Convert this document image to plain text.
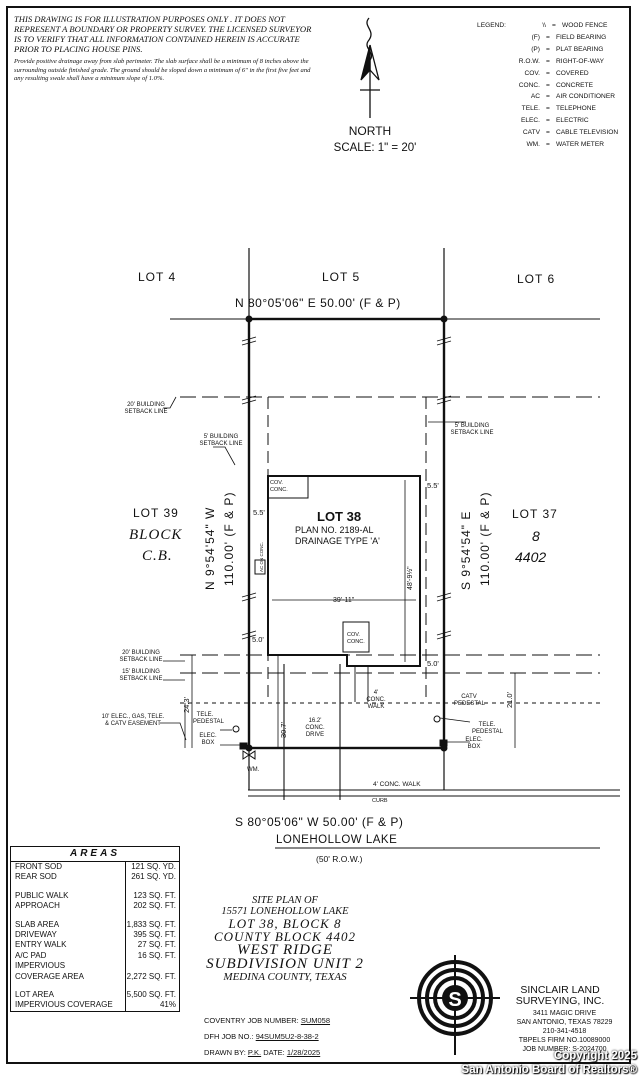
THIS DRAWING IS FOR ILLUSTRATION PURPOSES ONLY . IT DOES NOT REPRESENT A BOUNDARY OR PROPERTY SURVEY. THE LICENSED SURVEYOR IS TO VERIFY THAT ALL INFORMATION CONTAINED HEREIN IS ACCURATE PRIOR TO PLACING HOUSE PINS.
Provide positive drainage away from slab perimeter. The slab surface shall be a minimum of 8 inches above the surrounding outside finished grade. The ground should be sloped down a minimum of 6" in the first five feet and any resulting swale shall have a minimum slope of 1.0%.
LEGEND:	\\ = WOOD FENCE
(F) = FIELD BEARING
(P) = PLAT BEARING
R.O.W. = RIGHT-OF-WAY
COV. = COVERED
CONC. = CONCRETE
AC = AIR CONDITIONER
TELE. = TELEPHONE
ELEC. = ELECTRIC
CATV = CABLE TELEVISION
WM. = WATER METER
LOT 4	LOT 5	LOT 6
N 80°05'06" E 50.00' (F & P)
S 80°05'06" W 50.00' (F & P)
LONEHOLLOW LAKE
(50' R.O.W.)
4' CONC. WALK
CURB
N 9°54'54" W 110.00' (F & P)	S 9°54'54" E 110.00' (F & P)
LOT 39
BLOCK
C.B.
LOT 37
8
4402
LOT 38
PLAN NO. 2189-AL
DRAINAGE TYPE 'A'
39'-11"
48'-9½"
AC ON CONC.
5.5'
5.5'
5.0'
5.0'
24.3'
30.7'
21.0'
WM.
COV.
CONC.
COV.
CONC.
20' BUILDING
SETBACK LINE
5' BUILDING
SETBACK LINE
5' BUILDING
SETBACK LINE
20' BUILDING
SETBACK LINE
15' BUILDING
SETBACK LINE
10' ELEC., GAS, TELE.
& CATV EASEMENT	16.2'
CONC.
DRIVE
4'
CONC.
WALK
TELE.
PEDESTAL
ELEC.
BOX
CATV
PEDESTAL
TELE.
PEDESTAL
ELEC.
BOX
NORTH
SCALE: 1" = 20'
AREAS
FRONT SOD	121 SQ. YD.
REAR SOD	261 SQ. YD.
PUBLIC WALK	123 SQ. FT.
APPROACH	202 SQ. FT.
SLAB AREA	1,833 SQ. FT.
DRIVEWAY	395 SQ. FT.
ENTRY WALK	27 SQ. FT.
A/C PAD	16 SQ. FT.
IMPERVIOUS
COVERAGE AREA	2,272 SQ. FT.
LOT AREA	5,500 SQ. FT.
IMPERVIOUS COVERAGE	41%
SITE PLAN OF
15571 LONEHOLLOW LAKE
LOT 38, BLOCK 8
COUNTY BLOCK 4402
WEST RIDGE
SUBDIVISION UNIT 2
MEDINA COUNTY, TEXAS
COVENTRY JOB NUMBER: SUM058
DFH JOB NO.: 94SUM5U2-8-38-2
DRAWN BY: P.K. DATE: 1/28/2025
S	SINCLAIR LAND
SURVEYING, INC.
3411 MAGIC DRIVE
SAN ANTONIO, TEXAS 78229
210-341-4518
TBPELS FIRM NO.10089000
JOB NUMBER: S-2024700
Copyright 2025
San Antonio Board of Realtors®
